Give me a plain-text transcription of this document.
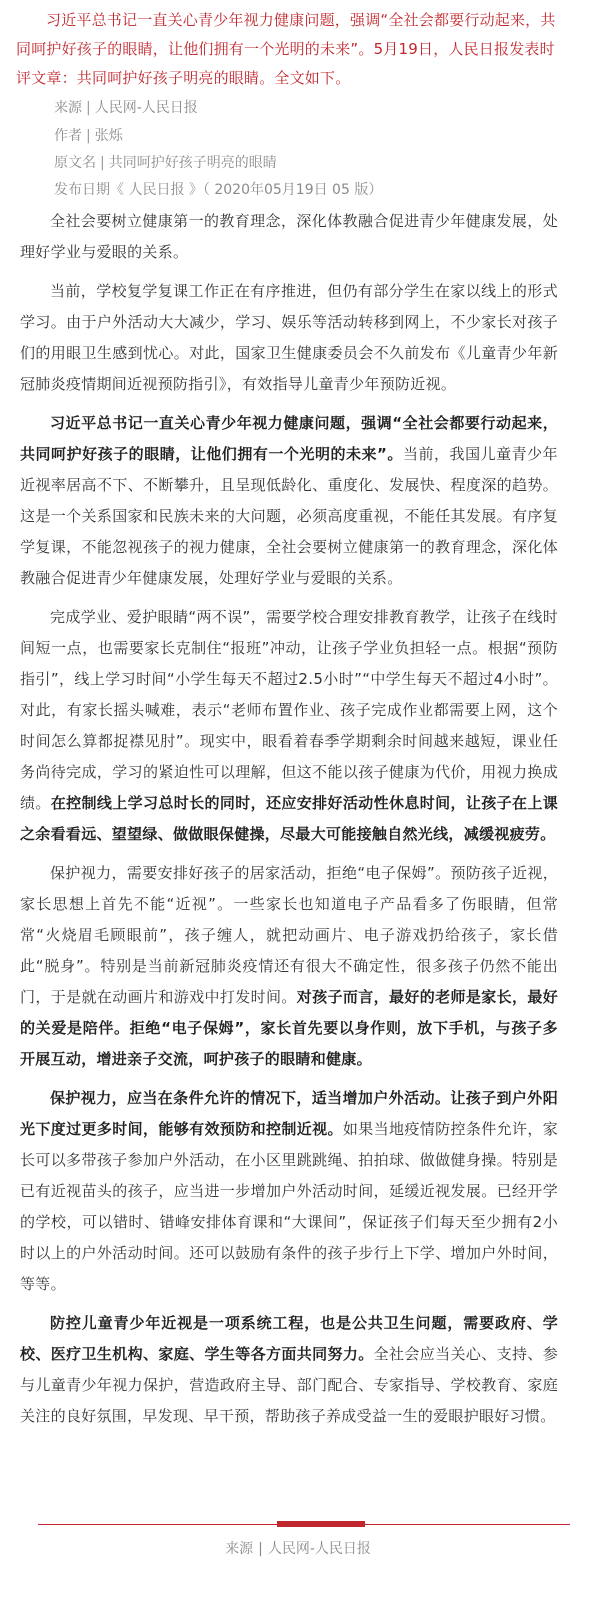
习近平总书记一直关心青少年视力健康问题，强调“全社会都要行动起来，共同呵护好孩子的眼睛，让他们拥有一个光明的未来”。5月19日，人民日报发表时评文章：共同呵护好孩子明亮的眼睛。全文如下。
来源 | 人民网-人民日报
作者 | 张烁
原文名 | 共同呵护好孩子明亮的眼睛
发布日期《 人民日报 》（ 2020年05月19日 05 版）

全社会要树立健康第一的教育理念，深化体教融合促进青少年健康发展，处理好学业与爱眼的关系。

当前，学校复学复课工作正在有序推进，但仍有部分学生在家以线上的形式学习。由于户外活动大大减少，学习、娱乐等活动转移到网上，不少家长对孩子们的用眼卫生感到忧心。对此，国家卫生健康委员会不久前发布《儿童青少年新冠肺炎疫情期间近视预防指引》，有效指导儿童青少年预防近视。

习近平总书记一直关心青少年视力健康问题，强调“全社会都要行动起来，共同呵护好孩子的眼睛，让他们拥有一个光明的未来”。当前，我国儿童青少年近视率居高不下、不断攀升，且呈现低龄化、重度化、发展快、程度深的趋势。这是一个关系国家和民族未来的大问题，必须高度重视，不能任其发展。有序复学复课，不能忽视孩子的视力健康，全社会要树立健康第一的教育理念，深化体教融合促进青少年健康发展，处理好学业与爱眼的关系。

完成学业、爱护眼睛“两不误”，需要学校合理安排教育教学，让孩子在线时间短一点，也需要家长克制住“报班”冲动，让孩子学业负担轻一点。根据“预防指引”，线上学习时间“小学生每天不超过2.5小时”“中学生每天不超过4小时”。对此，有家长摇头喊难，表示“老师布置作业、孩子完成作业都需要上网，这个时间怎么算都捉襟见肘”。现实中，眼看着春季学期剩余时间越来越短，课业任务尚待完成，学习的紧迫性可以理解，但这不能以孩子健康为代价，用视力换成绩。在控制线上学习总时长的同时，还应安排好活动性休息时间，让孩子在上课之余看看远、望望绿、做做眼保健操，尽最大可能接触自然光线，减缓视疲劳。

保护视力，需要安排好孩子的居家活动，拒绝“电子保姆”。预防孩子近视，家长思想上首先不能“近视”。一些家长也知道电子产品看多了伤眼睛，但常常“火烧眉毛顾眼前”，孩子缠人，就把动画片、电子游戏扔给孩子，家长借此“脱身”。特别是当前新冠肺炎疫情还有很大不确定性，很多孩子仍然不能出门，于是就在动画片和游戏中打发时间。对孩子而言，最好的老师是家长，最好的关爱是陪伴。拒绝“电子保姆”，家长首先要以身作则，放下手机，与孩子多开展互动，增进亲子交流，呵护孩子的眼睛和健康。

保护视力，应当在条件允许的情况下，适当增加户外活动。让孩子到户外阳光下度过更多时间，能够有效预防和控制近视。如果当地疫情防控条件允许，家长可以多带孩子参加户外活动，在小区里跳跳绳、拍拍球、做做健身操。特别是已有近视苗头的孩子，应当进一步增加户外活动时间，延缓近视发展。已经开学的学校，可以错时、错峰安排体育课和“大课间”，保证孩子们每天至少拥有2小时以上的户外活动时间。还可以鼓励有条件的孩子步行上下学、增加户外时间，等等。

防控儿童青少年近视是一项系统工程，也是公共卫生问题，需要政府、学校、医疗卫生机构、家庭、学生等各方面共同努力。全社会应当关心、支持、参与儿童青少年视力保护，营造政府主导、部门配合、专家指导、学校教育、家庭关注的良好氛围，早发现、早干预，帮助孩子养成受益一生的爱眼护眼好习惯。

来源 | 人民网-人民日报
